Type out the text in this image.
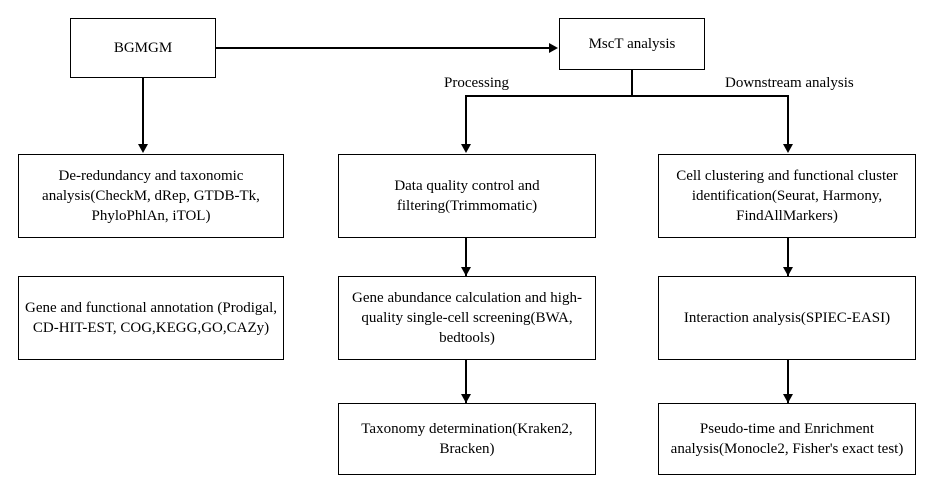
BGMGM	MscT analysis
Processing	Downstream analysis
De-redundancy and taxonomic analysis(CheckM, dRep, GTDB-Tk, PhyloPhlAn, iTOL)
Gene and functional annotation (Prodigal, CD-HIT-EST, COG,KEGG,GO,CAZy)
Data quality control and filtering(Trimmomatic)
Gene abundance calculation and high-quality single-cell screening(BWA, bedtools)
Taxonomy determination(Kraken2, Bracken)
Cell clustering and functional cluster identification(Seurat, Harmony, FindAllMarkers)
Interaction analysis(SPIEC-EASI)
Pseudo-time and Enrichment analysis(Monocle2, Fisher's exact test)
